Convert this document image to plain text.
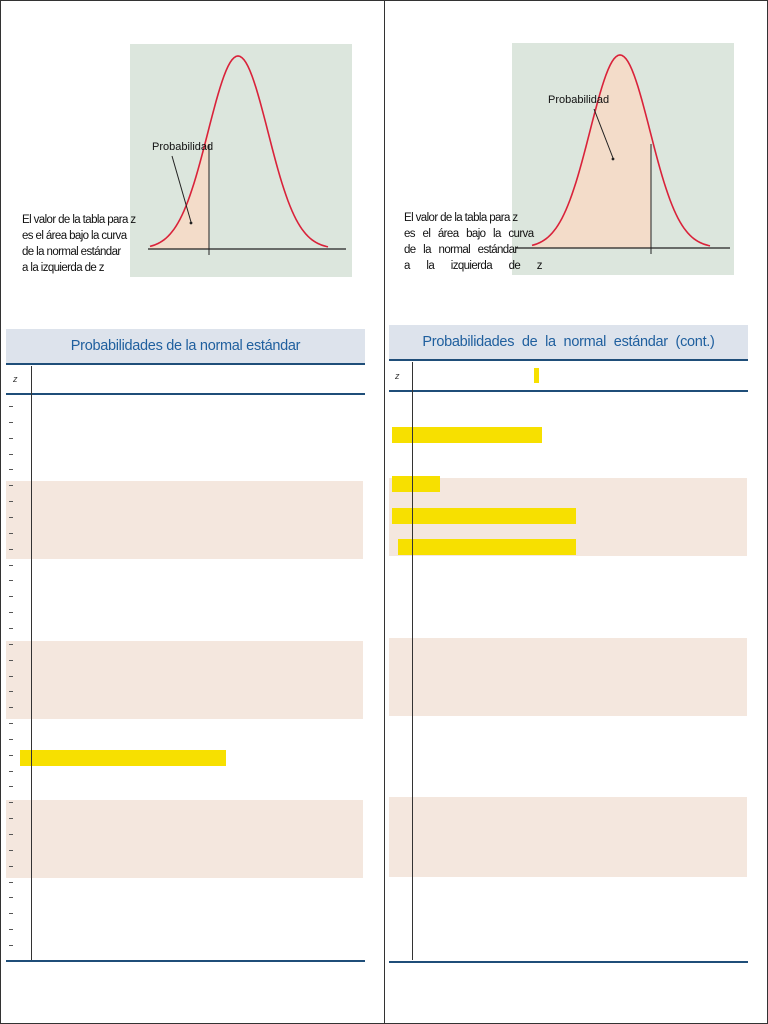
Probabilidad
El valor de la tabla para z
es el área bajo la curva
de la normal estándar
a la izquierda de z
Probabilidad
El valor de la tabla para z
es el área bajo la curva
de la normal estándar
a la izquierda de z
Probabilidades de la normal estándar
z
Probabilidades de la normal estándar (cont.)
z
